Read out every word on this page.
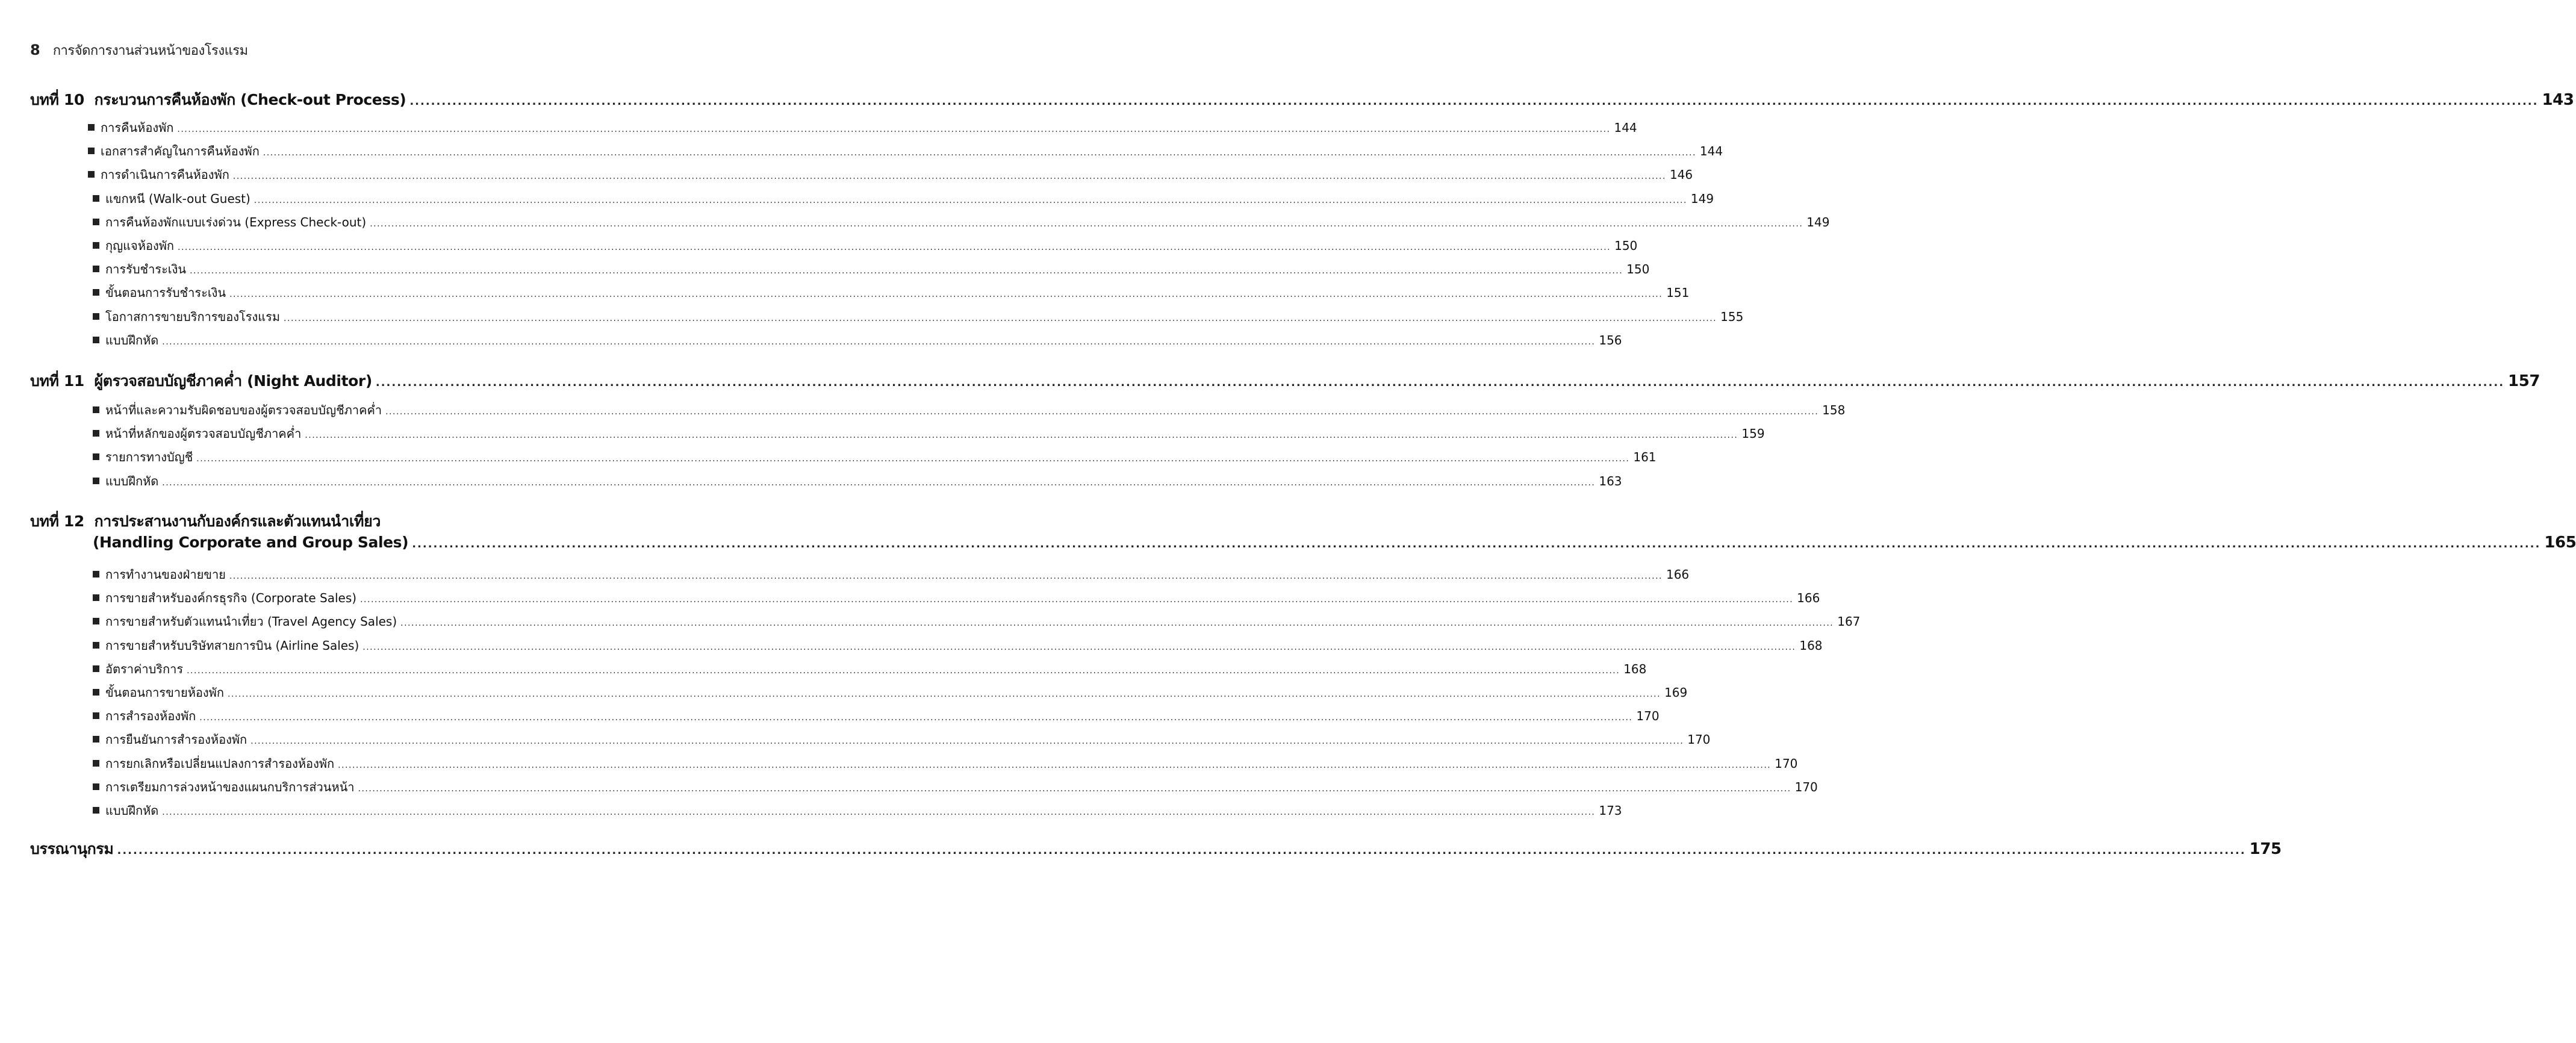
8 การจัดการงานส่วนหน้าของโรงแรม
บทที่ 10 กระบวนการคืนห้องพัก (Check-out Process) ................................................................................................................................................................................................................................................................................................................................................................................................................ 143
การคืนห้องพัก ................................................................................................................................................................................................................................................................................................................................................................................................................ 144
เอกสารสำคัญในการคืนห้องพัก ................................................................................................................................................................................................................................................................................................................................................................................................................ 144
การดำเนินการคืนห้องพัก ................................................................................................................................................................................................................................................................................................................................................................................................................ 146
แขกหนี (Walk-out Guest) ................................................................................................................................................................................................................................................................................................................................................................................................................ 149
การคืนห้องพักแบบเร่งด่วน (Express Check-out) ................................................................................................................................................................................................................................................................................................................................................................................................................ 149
กุญแจห้องพัก ................................................................................................................................................................................................................................................................................................................................................................................................................ 150
การรับชำระเงิน ................................................................................................................................................................................................................................................................................................................................................................................................................ 150
ขั้นตอนการรับชำระเงิน ................................................................................................................................................................................................................................................................................................................................................................................................................ 151
โอกาสการขายบริการของโรงแรม ................................................................................................................................................................................................................................................................................................................................................................................................................ 155
แบบฝึกหัด ................................................................................................................................................................................................................................................................................................................................................................................................................ 156
บทที่ 11 ผู้ตรวจสอบบัญชีภาคค่ำ (Night Auditor) ................................................................................................................................................................................................................................................................................................................................................................................................................ 157
หน้าที่และความรับผิดชอบของผู้ตรวจสอบบัญชีภาคค่ำ ................................................................................................................................................................................................................................................................................................................................................................................................................ 158
หน้าที่หลักของผู้ตรวจสอบบัญชีภาคค่ำ ................................................................................................................................................................................................................................................................................................................................................................................................................ 159
รายการทางบัญชี ................................................................................................................................................................................................................................................................................................................................................................................................................ 161
แบบฝึกหัด ................................................................................................................................................................................................................................................................................................................................................................................................................ 163
บทที่ 12 การประสานงานกับองค์กรและตัวแทนนำเที่ยว
(Handling Corporate and Group Sales) ................................................................................................................................................................................................................................................................................................................................................................................................................ 165
การทำงานของฝ่ายขาย ................................................................................................................................................................................................................................................................................................................................................................................................................ 166
การขายสำหรับองค์กรธุรกิจ (Corporate Sales) ................................................................................................................................................................................................................................................................................................................................................................................................................ 166
การขายสำหรับตัวแทนนำเที่ยว (Travel Agency Sales) ................................................................................................................................................................................................................................................................................................................................................................................................................ 167
การขายสำหรับบริษัทสายการบิน (Airline Sales) ................................................................................................................................................................................................................................................................................................................................................................................................................ 168
อัตราค่าบริการ ................................................................................................................................................................................................................................................................................................................................................................................................................ 168
ขั้นตอนการขายห้องพัก ................................................................................................................................................................................................................................................................................................................................................................................................................ 169
การสำรองห้องพัก ................................................................................................................................................................................................................................................................................................................................................................................................................ 170
การยืนยันการสำรองห้องพัก ................................................................................................................................................................................................................................................................................................................................................................................................................ 170
การยกเลิกหรือเปลี่ยนแปลงการสำรองห้องพัก ................................................................................................................................................................................................................................................................................................................................................................................................................ 170
การเตรียมการล่วงหน้าของแผนกบริการส่วนหน้า ................................................................................................................................................................................................................................................................................................................................................................................................................ 170
แบบฝึกหัด ................................................................................................................................................................................................................................................................................................................................................................................................................ 173
บรรณานุกรม ................................................................................................................................................................................................................................................................................................................................................................................................................ 175
